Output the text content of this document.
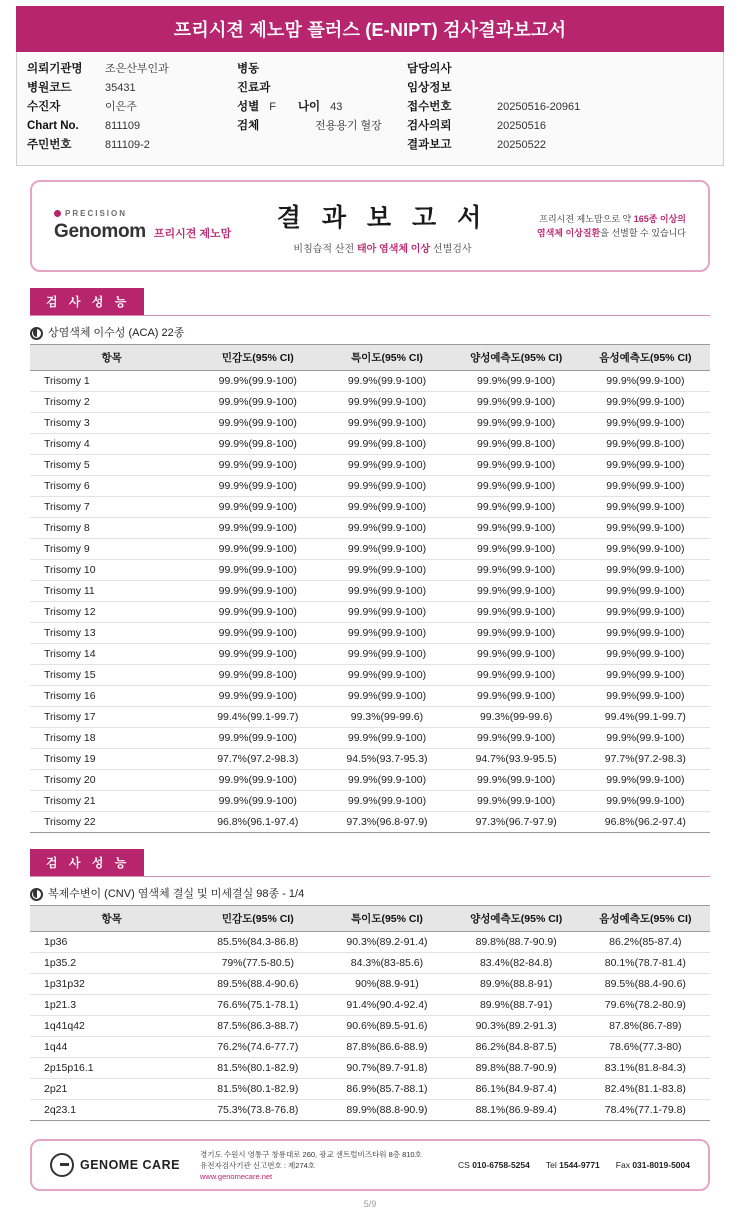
프리시젼 제노맘 플러스 (E-NIPT) 검사결과보고서
의뢰기관명	조은산부인과
병원코드	35431
수진자	이은주
Chart No.	811109
주민번호	811109-2
병동
진료과
성별 F 나이 43
검체	전용용기 혈장
담당의사
임상정보
접수번호	20250516-20961
검사의뢰	20250516
결과보고	20250522
PRECISION
Genomom 프리시젼 제노맘
결 과 보 고 서
비침습적 산전 태아 염색체 이상 선별검사
프리시젼 제노맘으로 약 165종 이상의
염색체 이상질환을 선별할 수 있습니다
검 사 성 능
상염색체 이수성 (ACA) 22종
항목	민감도(95% CI)	특이도(95% CI)	양성예측도(95% CI)	음성예측도(95% CI)
Trisomy 1	99.9%(99.9-100)	99.9%(99.9-100)	99.9%(99.9-100)	99.9%(99.9-100)
Trisomy 2	99.9%(99.9-100)	99.9%(99.9-100)	99.9%(99.9-100)	99.9%(99.9-100)
Trisomy 3	99.9%(99.9-100)	99.9%(99.9-100)	99.9%(99.9-100)	99.9%(99.9-100)
Trisomy 4	99.9%(99.8-100)	99.9%(99.8-100)	99.9%(99.8-100)	99.9%(99.8-100)
Trisomy 5	99.9%(99.9-100)	99.9%(99.9-100)	99.9%(99.9-100)	99.9%(99.9-100)
Trisomy 6	99.9%(99.9-100)	99.9%(99.9-100)	99.9%(99.9-100)	99.9%(99.9-100)
Trisomy 7	99.9%(99.9-100)	99.9%(99.9-100)	99.9%(99.9-100)	99.9%(99.9-100)
Trisomy 8	99.9%(99.9-100)	99.9%(99.9-100)	99.9%(99.9-100)	99.9%(99.9-100)
Trisomy 9	99.9%(99.9-100)	99.9%(99.9-100)	99.9%(99.9-100)	99.9%(99.9-100)
Trisomy 10	99.9%(99.9-100)	99.9%(99.9-100)	99.9%(99.9-100)	99.9%(99.9-100)
Trisomy 11	99.9%(99.9-100)	99.9%(99.9-100)	99.9%(99.9-100)	99.9%(99.9-100)
Trisomy 12	99.9%(99.9-100)	99.9%(99.9-100)	99.9%(99.9-100)	99.9%(99.9-100)
Trisomy 13	99.9%(99.9-100)	99.9%(99.9-100)	99.9%(99.9-100)	99.9%(99.9-100)
Trisomy 14	99.9%(99.9-100)	99.9%(99.9-100)	99.9%(99.9-100)	99.9%(99.9-100)
Trisomy 15	99.9%(99.8-100)	99.9%(99.9-100)	99.9%(99.9-100)	99.9%(99.9-100)
Trisomy 16	99.9%(99.9-100)	99.9%(99.9-100)	99.9%(99.9-100)	99.9%(99.9-100)
Trisomy 17	99.4%(99.1-99.7)	99.3%(99-99.6)	99.3%(99-99.6)	99.4%(99.1-99.7)
Trisomy 18	99.9%(99.9-100)	99.9%(99.9-100)	99.9%(99.9-100)	99.9%(99.9-100)
Trisomy 19	97.7%(97.2-98.3)	94.5%(93.7-95.3)	94.7%(93.9-95.5)	97.7%(97.2-98.3)
Trisomy 20	99.9%(99.9-100)	99.9%(99.9-100)	99.9%(99.9-100)	99.9%(99.9-100)
Trisomy 21	99.9%(99.9-100)	99.9%(99.9-100)	99.9%(99.9-100)	99.9%(99.9-100)
Trisomy 22	96.8%(96.1-97.4)	97.3%(96.8-97.9)	97.3%(96.7-97.9)	96.8%(96.2-97.4)
검 사 성 능
복제수변이 (CNV) 염색체 결실 및 미세결실 98종 - 1/4
항목	민감도(95% CI)	특이도(95% CI)	양성예측도(95% CI)	음성예측도(95% CI)
1p36	85.5%(84.3-86.8)	90.3%(89.2-91.4)	89.8%(88.7-90.9)	86.2%(85-87.4)
1p35.2	79%(77.5-80.5)	84.3%(83-85.6)	83.4%(82-84.8)	80.1%(78.7-81.4)
1p31p32	89.5%(88.4-90.6)	90%(88.9-91)	89.9%(88.8-91)	89.5%(88.4-90.6)
1p21.3	76.6%(75.1-78.1)	91.4%(90.4-92.4)	89.9%(88.7-91)	79.6%(78.2-80.9)
1q41q42	87.5%(86.3-88.7)	90.6%(89.5-91.6)	90.3%(89.2-91.3)	87.8%(86.7-89)
1q44	76.2%(74.6-77.7)	87.8%(86.6-88.9)	86.2%(84.8-87.5)	78.6%(77.3-80)
2p15p16.1	81.5%(80.1-82.9)	90.7%(89.7-91.8)	89.8%(88.7-90.9)	83.1%(81.8-84.3)
2p21	81.5%(80.1-82.9)	86.9%(85.7-88.1)	86.1%(84.9-87.4)	82.4%(81.1-83.8)
2q23.1	75.3%(73.8-76.8)	89.9%(88.8-90.9)	88.1%(86.9-89.4)	78.4%(77.1-79.8)
GENOME CARE
경기도 수원시 영통구 창룡대로 260, 광교 센트럴비즈타워 8층 810호
유전자검사기관 신고번호 : 제274호
www.genomecare.net
CS 010-6758-5254 Tel 1544-9771 Fax 031-8019-5004
5/9
